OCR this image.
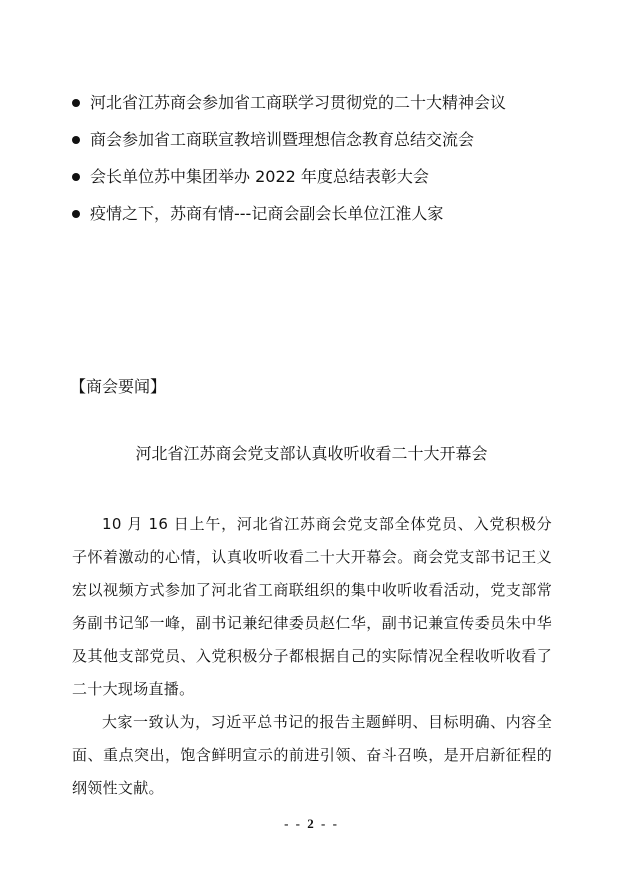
河北省江苏商会参加省工商联学习贯彻党的二十大精神会议
商会参加省工商联宣教培训暨理想信念教育总结交流会
会长单位苏中集团举办 2022 年度总结表彰大会
疫情之下，苏商有情---记商会副会长单位江淮人家
【商会要闻】
河北省江苏商会党支部认真收听收看二十大开幕会

10 月 16 日上午，河北省江苏商会党支部全体党员、入党积极分子怀着激动的心情，认真收听收看二十大开幕会。商会党支部书记王义宏以视频方式参加了河北省工商联组织的集中收听收看活动，党支部常务副书记邹一峰，副书记兼纪律委员赵仁华，副书记兼宣传委员朱中华及其他支部党员、入党积极分子都根据自己的实际情况全程收听收看了二十大现场直播。

大家一致认为，习近平总书记的报告主题鲜明、目标明确、内容全面、重点突出，饱含鲜明宣示的前进引领、奋斗召唤，是开启新征程的纲领性文献。

- - 2 - -
